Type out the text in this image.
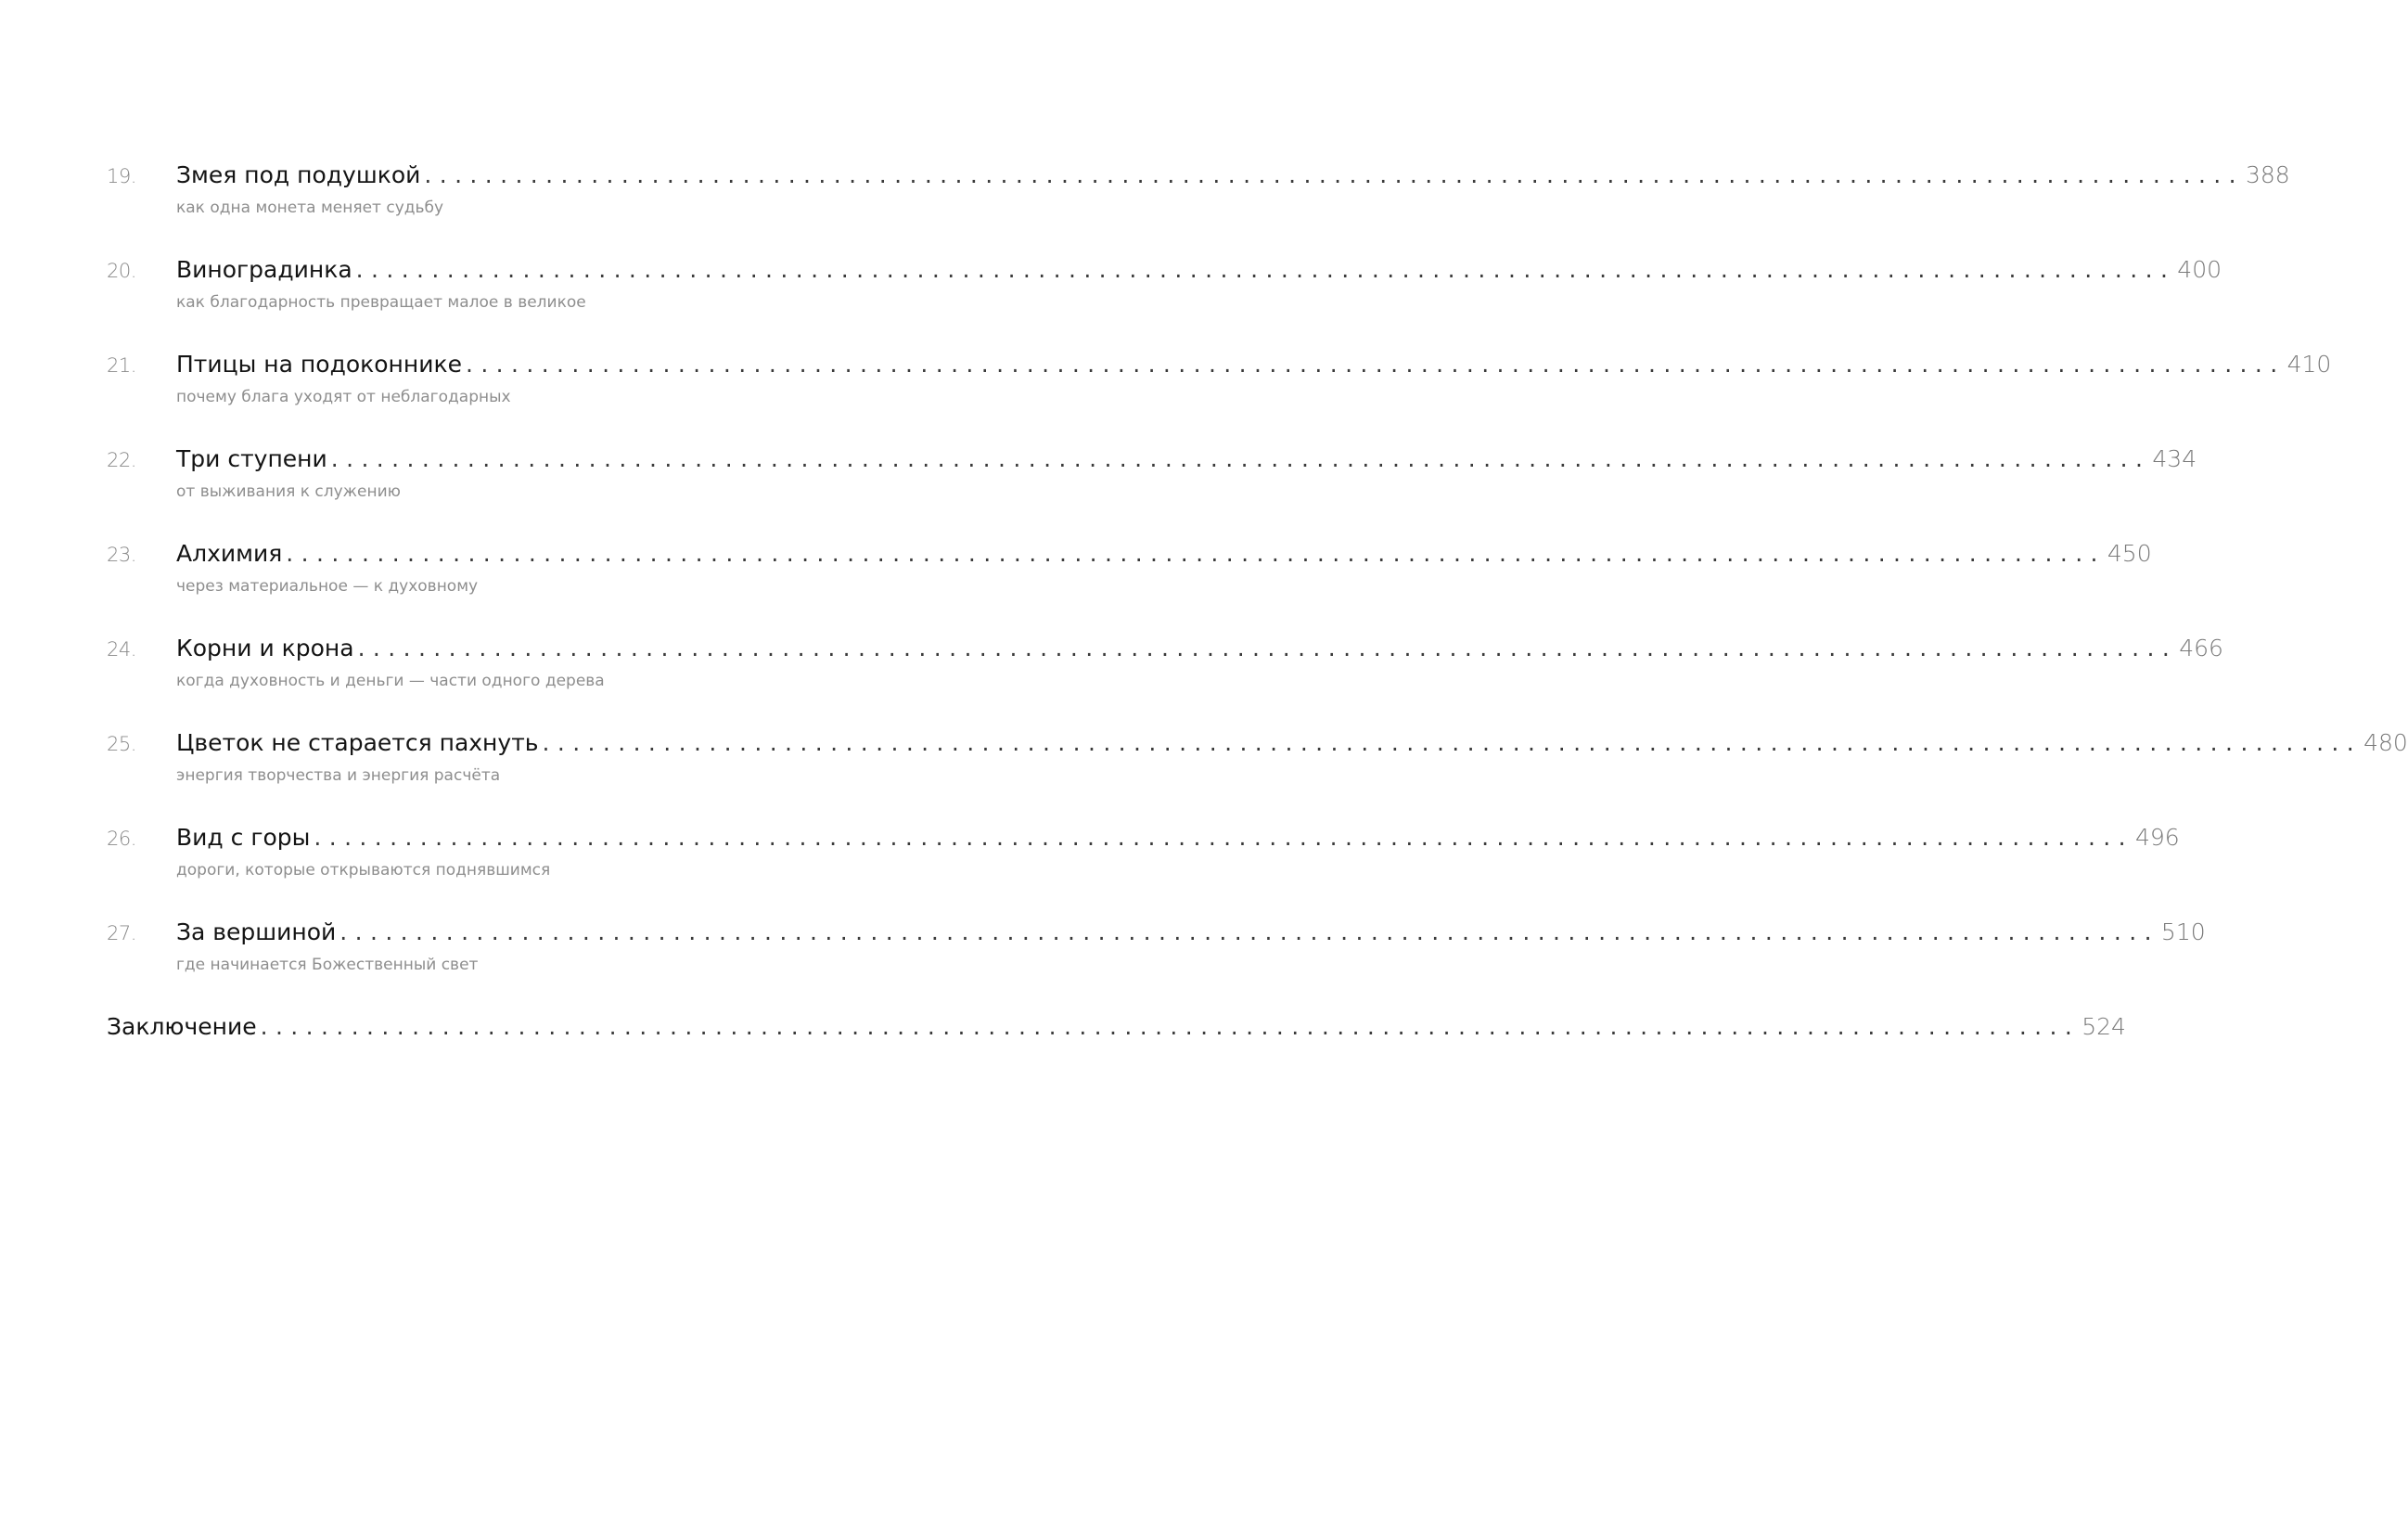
19.	Змея под подушкой ........................................................................................................................ 388
как одна монета меняет судьбу
20.	Виноградинка ........................................................................................................................ 400
как благодарность превращает малое в великое
21.	Птицы на подоконнике ........................................................................................................................ 410
почему блага уходят от неблагодарных
22.	Три ступени ........................................................................................................................ 434
от выживания к служению
23.	Алхимия ........................................................................................................................ 450
через материальное — к духовному
24.	Корни и крона ........................................................................................................................ 466
когда духовность и деньги — части одного дерева
25.	Цветок не старается пахнуть ........................................................................................................................ 480
энергия творчества и энергия расчёта
26.	Вид с горы ........................................................................................................................ 496
дороги, которые открываются поднявшимся
27.	За вершиной ........................................................................................................................ 510
где начинается Божественный свет
Заключение ........................................................................................................................ 524
